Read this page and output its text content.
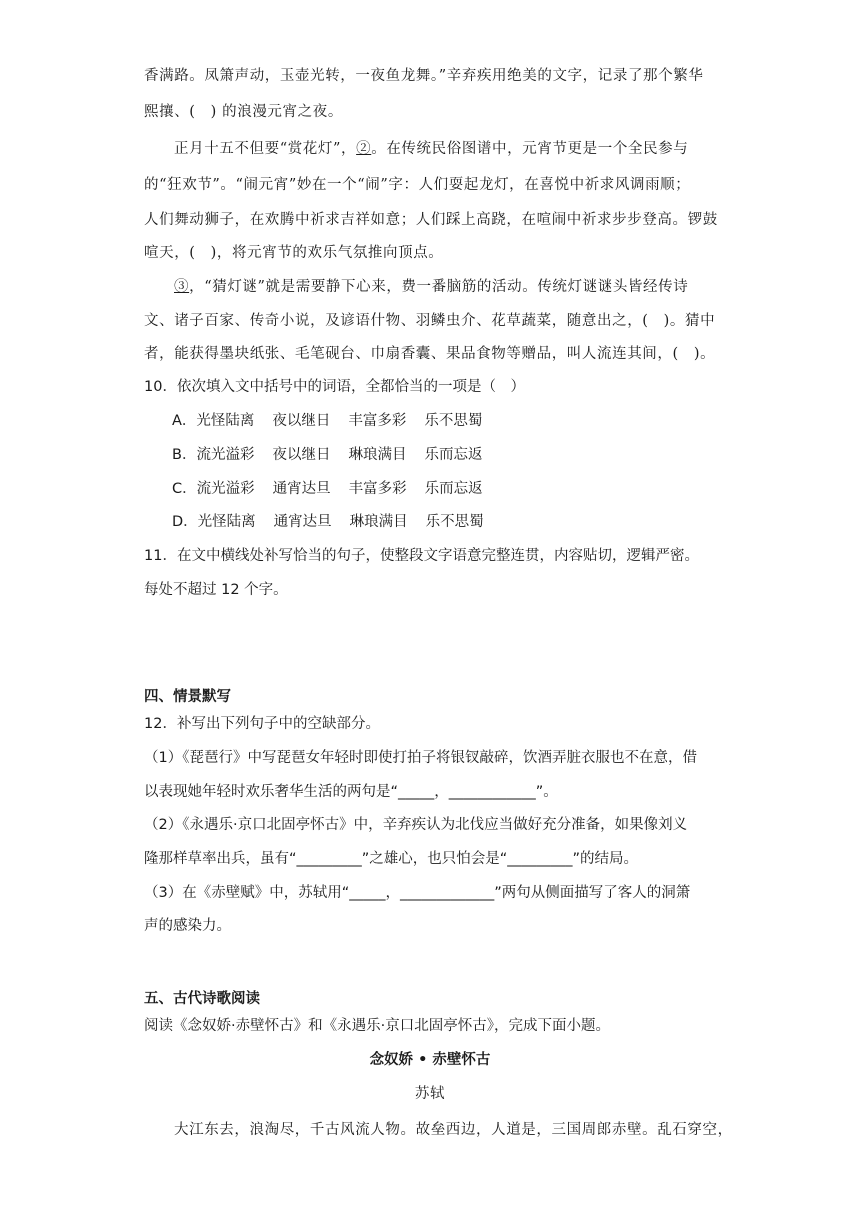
香满路。凤箫声动，玉壶光转，一夜鱼龙舞。”辛弃疾用绝美的文字，记录了那个繁华
熙攘、(　) 的浪漫元宵之夜。
正月十五不但要“赏花灯”，②。在传统民俗图谱中，元宵节更是一个全民参与
的“狂欢节”。“闹元宵”妙在一个“闹”字：人们耍起龙灯，在喜悦中祈求风调雨顺；
人们舞动狮子，在欢腾中祈求吉祥如意；人们踩上高跷，在喧闹中祈求步步登高。锣鼓
喧天，(　)，将元宵节的欢乐气氛推向顶点。
③，“猜灯谜”就是需要静下心来，费一番脑筋的活动。传统灯谜谜头皆经传诗
文、诸子百家、传奇小说，及谚语什物、羽鳞虫介、花草蔬菜，随意出之，(　)。猜中
者，能获得墨块纸张、毛笔砚台、巾扇香囊、果品食物等赠品，叫人流连其间，(　)。
10．依次填入文中括号中的词语，全都恰当的一项是（　）
A．光怪陆离 夜以继日 丰富多彩 乐不思蜀
B．流光溢彩 夜以继日 琳琅满目 乐而忘返
C．流光溢彩 通宵达旦 丰富多彩 乐而忘返
D．光怪陆离 通宵达旦 琳琅满目 乐不思蜀
11．在文中横线处补写恰当的句子，使整段文字语意完整连贯，内容贴切，逻辑严密。
每处不超过 12 个字。
四、情景默写
12．补写出下列句子中的空缺部分。
（1）《琵琶行》中写琵琶女年轻时即使打拍子将银钗敲碎，饮酒弄脏衣服也不在意，借
以表现她年轻时欢乐奢华生活的两句是“_____，____________”。
（2）《永遇乐·京口北固亭怀古》中，辛弃疾认为北伐应当做好充分准备，如果像刘义
隆那样草率出兵，虽有“_________”之雄心，也只怕会是“_________”的结局。
（3）在《赤壁赋》中，苏轼用“_____，_____________”两句从侧面描写了客人的洞箫
声的感染力。
五、古代诗歌阅读
阅读《念奴娇·赤壁怀古》和《永遇乐·京口北固亭怀古》，完成下面小题。
念奴娇 • 赤壁怀古
苏轼
大江东去，浪淘尽，千古风流人物。故垒西边，人道是，三国周郎赤壁。乱石穿空，
